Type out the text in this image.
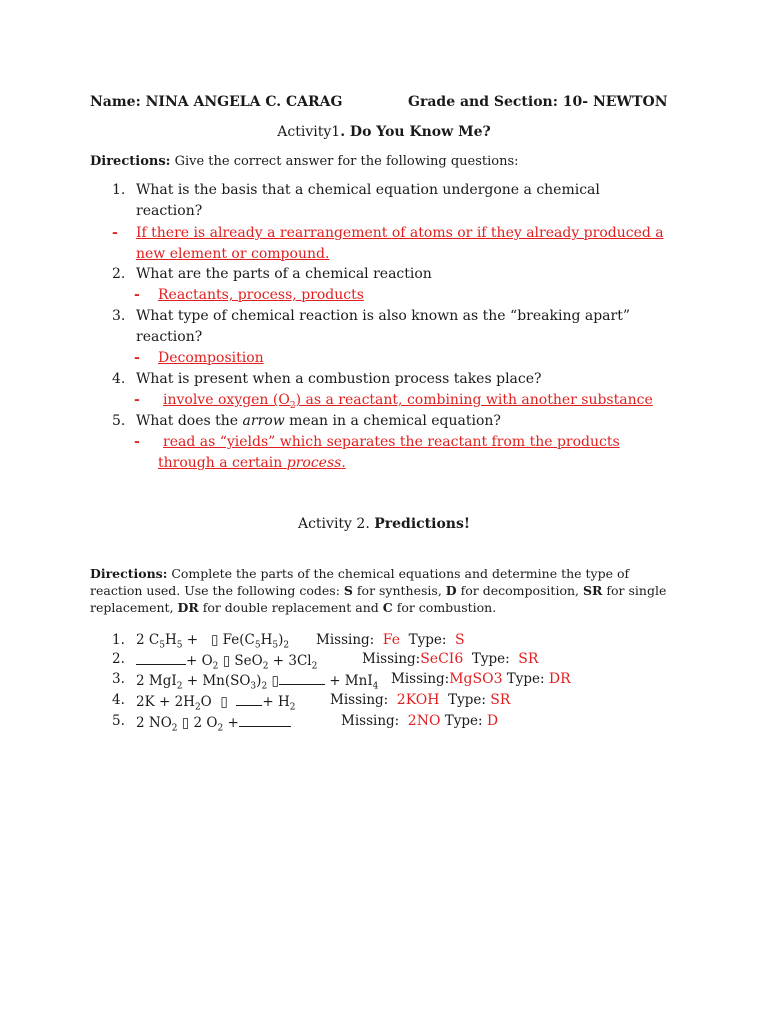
Name: NINA ANGELA C. CARAG	Grade and Section: 10- NEWTON
Activity1. Do You Know Me?
Directions: Give the correct answer for the following questions:
1. What is the basis that a chemical equation undergone a chemical
reaction?
- If there is already a rearrangement of atoms or if they already produced a
new element or compound.
2. What are the parts of a chemical reaction
- Reactants, process, products
3. What type of chemical reaction is also known as the “breaking apart”
reaction?
- Decomposition
4. What is present when a combustion process takes place?
- involve oxygen $(O_2)$ as a reactant, combining with another substance
5. What does the arrow mean in a chemical equation?
- read as “yields” which separates the reactant from the products
through a certain process.
Activity 2. Predictions!
Directions: Complete the parts of the chemical equations and determine the type of reaction used. Use the following codes: S for synthesis, D for decomposition, SR for single replacement, DR for double replacement and C for combustion.
1. 2 $C_5H_5$ +   ▯ $Fe(C_5H_5)_2$ Missing: Fe Type: S
2.	+ $O_2$ ▯ $SeO_2 + 3Cl_2$	Missing:SeCI6 Type: SR
3. 2 $MgI_2 + Mn(SO_3)_2$ ▯	+ MnI$_4$ Missing:MgSO3 Type: DR
4. $2K + 2H_2O$  ▯  + $H_2$	Missing: 2KOH Type: SR
5. 2 $NO_2$ ▯ 2 $O_2$ +	Missing: 2NO Type: D
